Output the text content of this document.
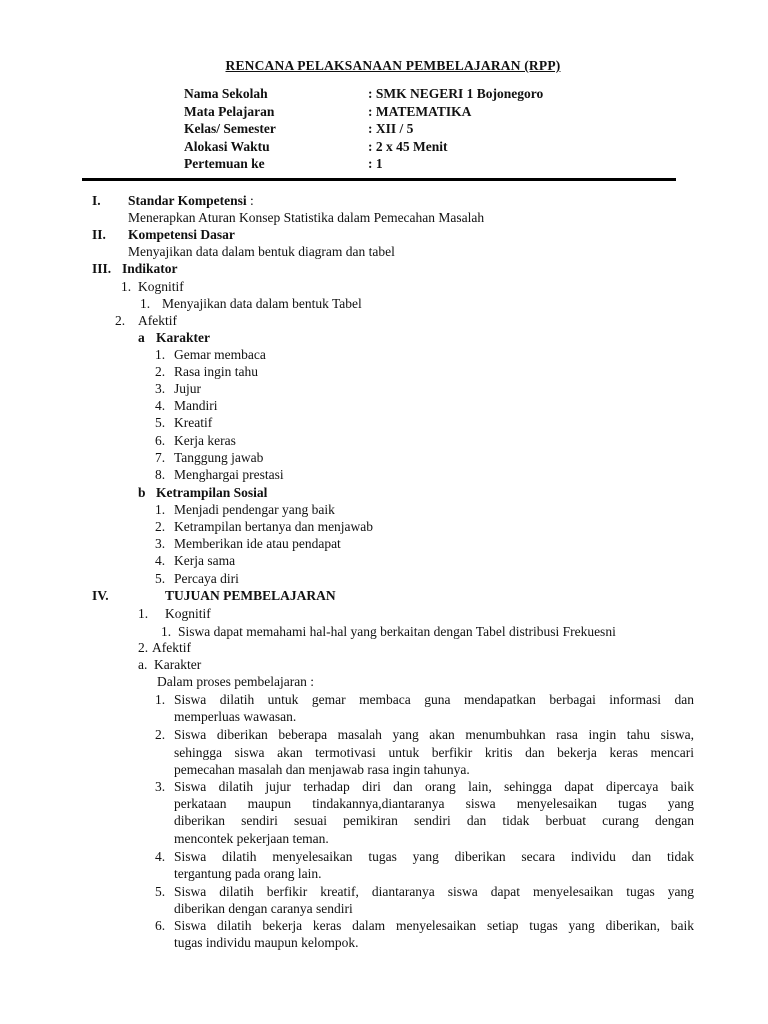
RENCANA PELAKSANAAN PEMBELAJARAN (RPP)
Nama Sekolah	: SMK NEGERI 1 Bojonegoro
Mata Pelajaran	: MATEMATIKA
Kelas/ Semester	: XII / 5
Alokasi Waktu	: 2 x 45 Menit
Pertemuan ke	: 1
I. Standar Kompetensi :
Menerapkan Aturan Konsep Statistika dalam Pemecahan Masalah
II. Kompetensi Dasar
Menyajikan data dalam bentuk diagram dan tabel
III. Indikator
1. Kognitif
1. Menyajikan data dalam bentuk Tabel
2. Afektif
a Karakter
1. Gemar membaca
2. Rasa ingin tahu
3. Jujur
4. Mandiri
5. Kreatif
6. Kerja keras
7. Tanggung jawab
8. Menghargai prestasi
b Ketrampilan Sosial
1. Menjadi pendengar yang baik
2. Ketrampilan bertanya dan menjawab
3. Memberikan ide atau pendapat
4. Kerja sama
5. Percaya diri
IV.	TUJUAN PEMBELAJARAN
1. Kognitif
1. Siswa dapat memahami hal-hal yang berkaitan dengan Tabel distribusi Frekuesni
2. Afektif
a. Karakter
Dalam proses pembelajaran :
1. Siswa dilatih untuk gemar membaca guna mendapatkan berbagai informasi dan
memperluas wawasan.
2. Siswa diberikan beberapa masalah yang akan menumbuhkan rasa ingin tahu siswa,
sehingga siswa akan termotivasi untuk berfikir kritis dan bekerja keras mencari
pemecahan masalah dan menjawab rasa ingin tahunya.
3. Siswa dilatih jujur terhadap diri dan orang lain, sehingga dapat dipercaya baik
perkataan maupun tindakannya,diantaranya siswa menyelesaikan tugas yang
diberikan sendiri sesuai pemikiran sendiri dan tidak berbuat curang dengan
mencontek pekerjaan teman.
4. Siswa dilatih menyelesaikan tugas yang diberikan secara individu dan tidak
tergantung pada orang lain.
5. Siswa dilatih berfikir kreatif, diantaranya siswa dapat menyelesaikan tugas yang
diberikan dengan caranya sendiri
6. Siswa dilatih bekerja keras dalam menyelesaikan setiap tugas yang diberikan, baik
tugas individu maupun kelompok.
